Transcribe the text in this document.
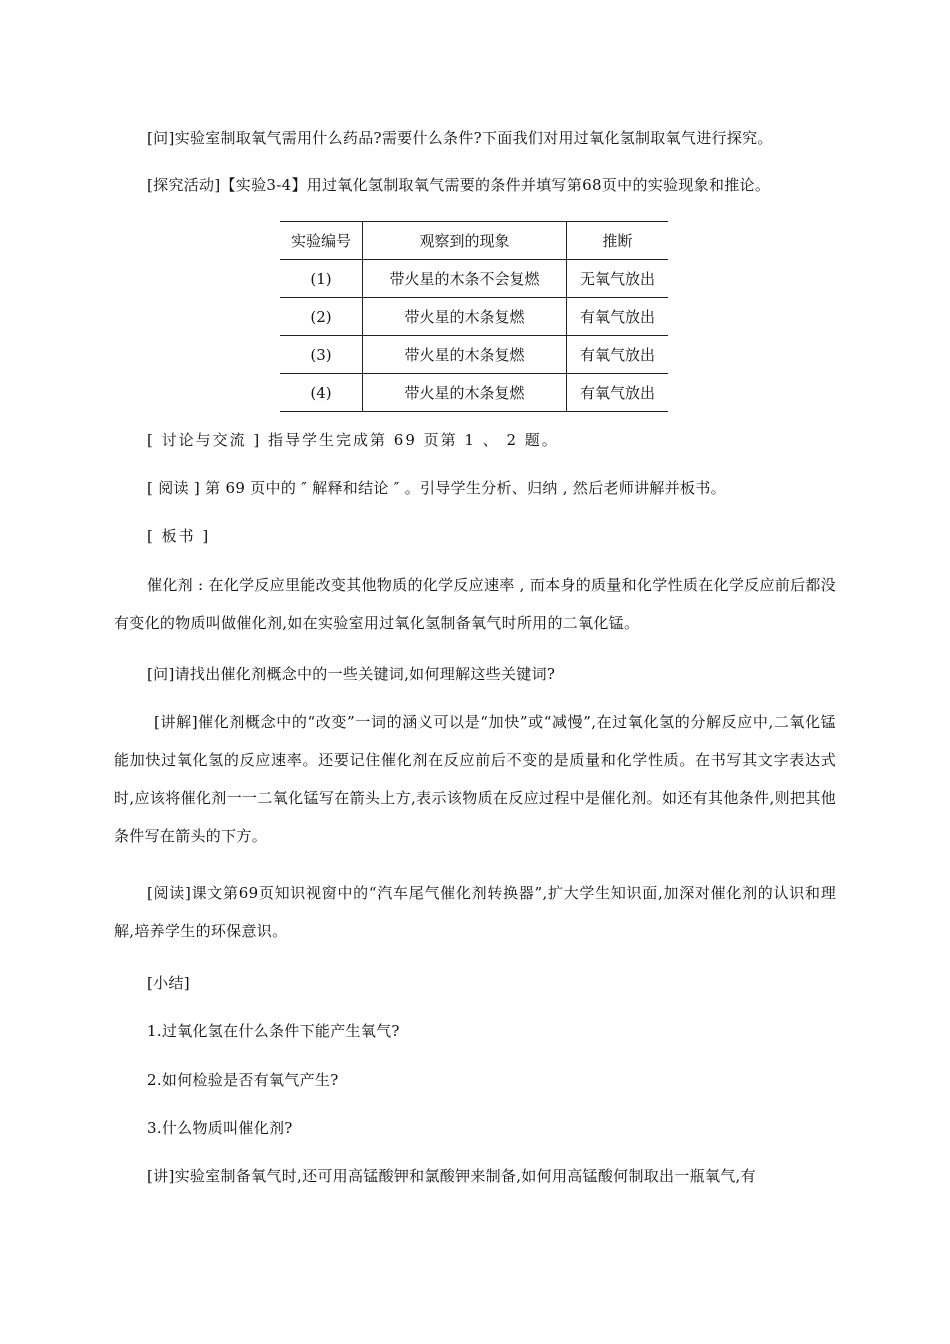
[问]实验室制取氧气需用什么药品?需要什么条件?下面我们对用过氧化氢制取氧气进行探究。
[探究活动]【实验3-4】用过氧化氢制取氧气需要的条件并填写第68页中的实验现象和推论。
实验编号	观察到的现象	推断
(1)	带火星的木条不会复燃	无氧气放出
(2)	带火星的木条复燃	有氧气放出
(3)	带火星的木条复燃	有氧气放出
(4)	带火星的木条复燃	有氧气放出
[ 讨论与交流 ] 指导学生完成第 69 页第 1 、 2 题。
[ 阅读 ] 第 69 页中的 ″ 解释和结论 ″ 。引导学生分析、归纳 , 然后老师讲解并板书。
[ 板书 ]
催化剂 : 在化学反应里能改变其他物质的化学反应速率 , 而本身的质量和化学性质在化学反应前后都没有变化的物质叫做催化剂,如在实验室用过氧化氢制备氧气时所用的二氧化锰。
[问]请找出催化剂概念中的一些关键词,如何理解这些关键词?
[讲解]催化剂概念中的“改变”一词的涵义可以是“加快”或“减慢”,在过氧化氢的分解反应中,二氧化锰能加快过氧化氢的反应速率。还要记住催化剂在反应前后不变的是质量和化学性质。在书写其文字表达式时,应该将催化剂一一二氧化锰写在箭头上方,表示该物质在反应过程中是催化剂。如还有其他条件,则把其他条件写在箭头的下方。
[阅读]课文第69页知识视窗中的“汽车尾气催化剂转换器”,扩大学生知识面,加深对催化剂的认识和理解,培养学生的环保意识。
[小结]
1.过氧化氢在什么条件下能产生氧气?
2.如何检验是否有氧气产生?
3.什么物质叫催化剂?
[讲]实验室制备氧气时,还可用高锰酸钾和氯酸钾来制备,如何用高锰酸何制取出一瓶氧气,有
